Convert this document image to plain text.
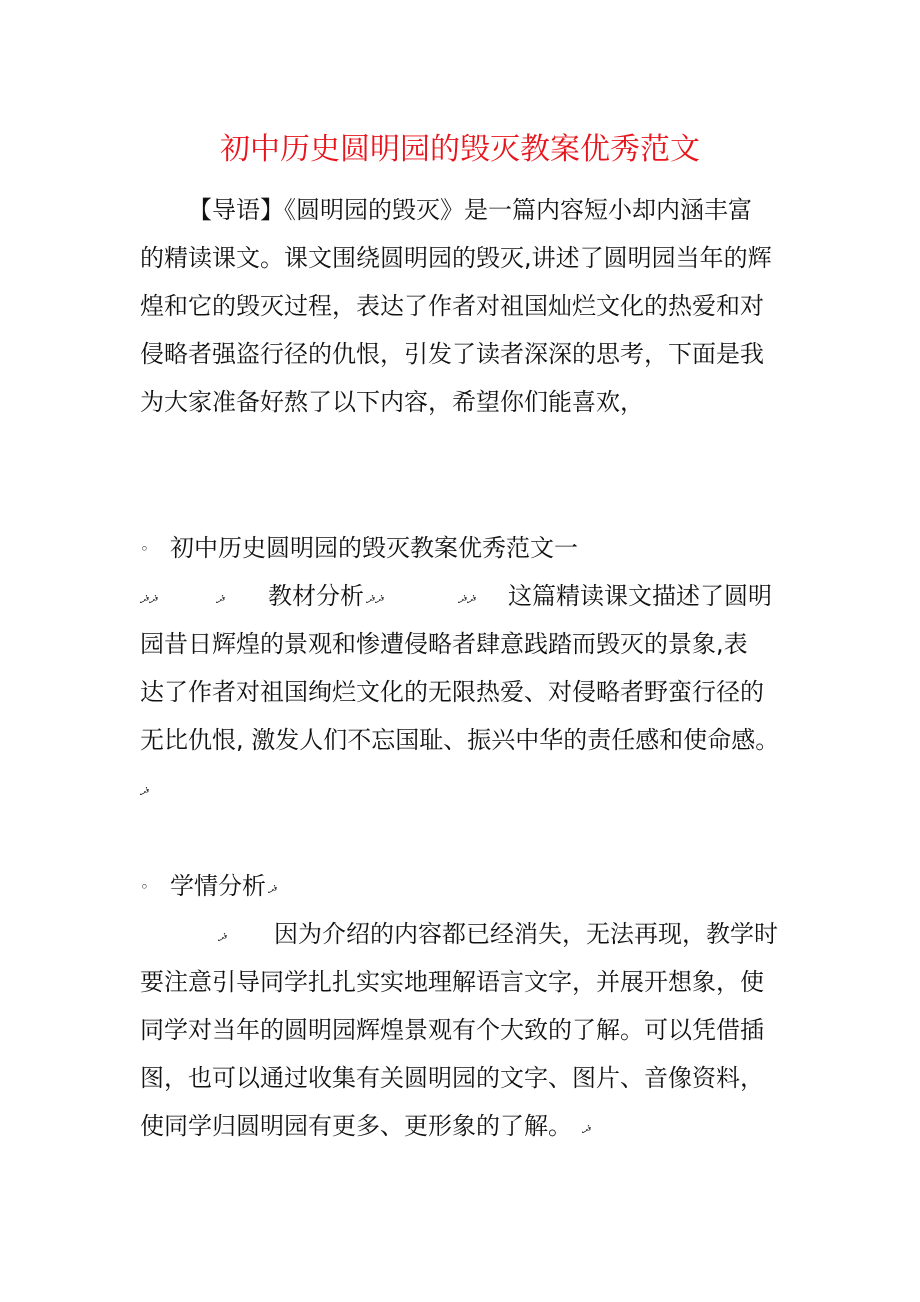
初中历史圆明园的毁灭教案优秀范文
【导语】《圆明园的毁灭》是一篇内容短小却内涵丰富
的精读课文。课文围绕圆明园的毁灭,讲述了圆明园当年的辉
煌和它的毁灭过程，表达了作者对祖国灿烂文化的热爱和对
侵略者强盗行径的仇恨，引发了读者深深的思考，下面是我
为大家准备好熬了以下内容，希望你们能喜欢，
◦ 初中历史圆明园的毁灭教案优秀范文一
ޛޛ	ޛ 教材分析 ޛޛ	ޛޛ 这篇精读课文描述了圆明
园昔日辉煌的景观和惨遭侵略者肆意践踏而毁灭的景象,表
达了作者对祖国绚烂文化的无限热爱、对侵略者野蛮行径的
无比仇恨, 激发人们不忘国耻、振兴中华的责任感和使命感。
ޛ
◦ 学情分析 ޛ
ޛ 因为介绍的内容都已经消失，无法再现，教学时
要注意引导同学扎扎实实地理解语言文字，并展开想象，使
同学对当年的圆明园辉煌景观有个大致的了解。可以凭借插
图，也可以通过收集有关圆明园的文字、图片、音像资料，
使同学归圆明园有更多、更形象的了解。 ޛ
